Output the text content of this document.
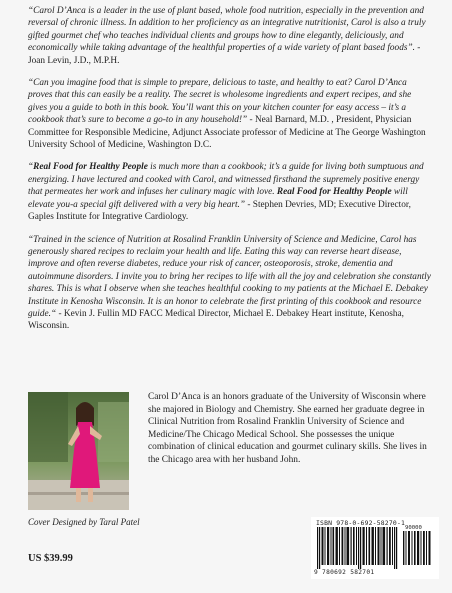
“Carol D’Anca is a leader in the use of plant based, whole food nutrition, especially in the prevention and reversal of chronic illness. In addition to her proficiency as an integrative nutritionist, Carol is also a truly gifted gourmet chef who teaches individual clients and groups how to dine elegantly, deliciously, and economically while taking advantage of the healthful properties of a wide variety of plant based foods”. - Joan Levin, J.D., M.P.H.

“Can you imagine food that is simple to prepare, delicious to taste, and healthy to eat? Carol D’Anca proves that this can easily be a reality. The secret is wholesome ingredients and expert recipes, and she gives you a guide to both in this book. You’ll want this on your kitchen counter for easy access – it’s a cookbook that’s sure to become a go-to in any household!” - Neal Barnard, M.D. , President, Physician Committee for Responsible Medicine, Adjunct Associate professor of Medicine at The George Washington University School of Medicine, Washington D.C.

“Real Food for Healthy People is much more than a cookbook; it’s a guide for living both sumptuous and energizing. I have lectured and cooked with Carol, and witnessed firsthand the supremely positive energy that permeates her work and infuses her culinary magic with love. Real Food for Healthy People will elevate you-a special gift delivered with a very big heart.” - Stephen Devries, MD; Executive Director, Gaples Institute for Integrative Cardiology.

“Trained in the science of Nutrition at Rosalind Franklin University of Science and Medicine, Carol has generously shared recipes to reclaim your health and life. Eating this way can reverse heart disease, improve and often reverse diabetes, reduce your risk of cancer, osteoporosis, stroke, dementia and autoimmune disorders. I invite you to bring her recipes to life with all the joy and celebration she constantly shares. This is what I observe when she teaches healthful cooking to my patients at the Michael E. Debakey Institute in Kenosha Wisconsin. It is an honor to celebrate the first printing of this cookbook and resource guide.“ - Kevin J. Fullin MD FACC Medical Director, Michael E. Debakey Heart institute, Kenosha, Wisconsin.

Carol D’Anca is an honors graduate of the University of Wisconsin where she majored in Biology and Chemistry. She earned her graduate degree in Clinical Nutrition from Rosalind Franklin University of Science and Medicine/The Chicago Medical School. She possesses the unique combination of clinical education and gourmet culinary skills. She lives in the Chicago area with her husband John.

Cover Designed by Taral Patel
US $39.99
ISBN 978-0-692-58270-1
9 780692 582701
90000
